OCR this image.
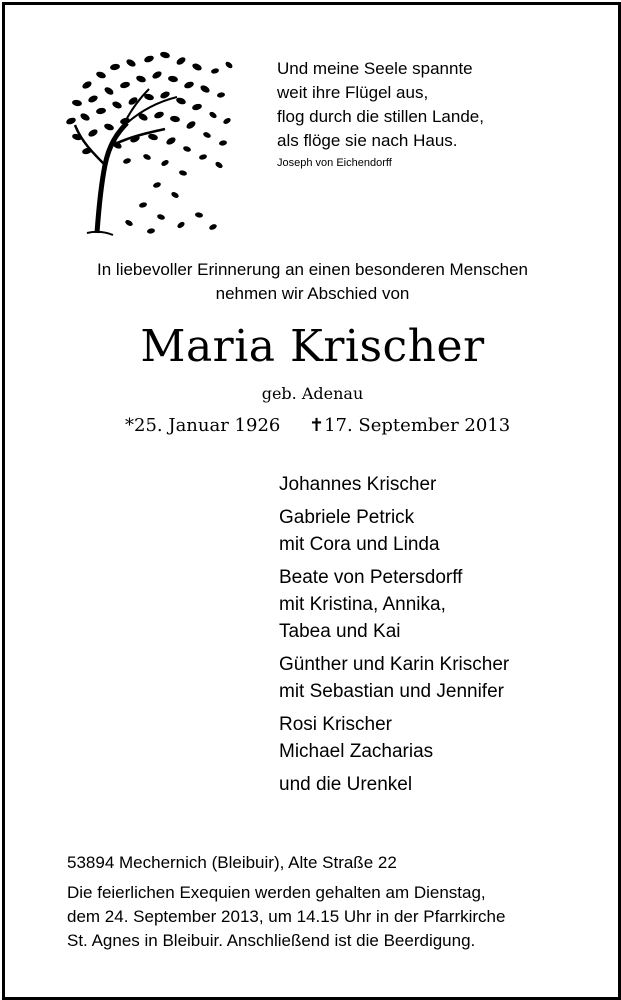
Und meine Seele spannte
weit ihre Flügel aus,
flog durch die stillen Lande,
als flöge sie nach Haus.
Joseph von Eichendorff
In liebevoller Erinnerung an einen besonderen Menschen
nehmen wir Abschied von
Maria Krischer
geb. Adenau
*25. Januar 1926 ✝17. September 2013
Johannes Krischer
Gabriele Petrick
mit Cora und Linda
Beate von Petersdorff
mit Kristina, Annika,
Tabea und Kai
Günther und Karin Krischer
mit Sebastian und Jennifer
Rosi Krischer
Michael Zacharias
und die Urenkel
53894 Mechernich (Bleibuir), Alte Straße 22
Die feierlichen Exequien werden gehalten am Dienstag,
dem 24. September 2013, um 14.15 Uhr in der Pfarrkirche
St. Agnes in Bleibuir. Anschließend ist die Beerdigung.
